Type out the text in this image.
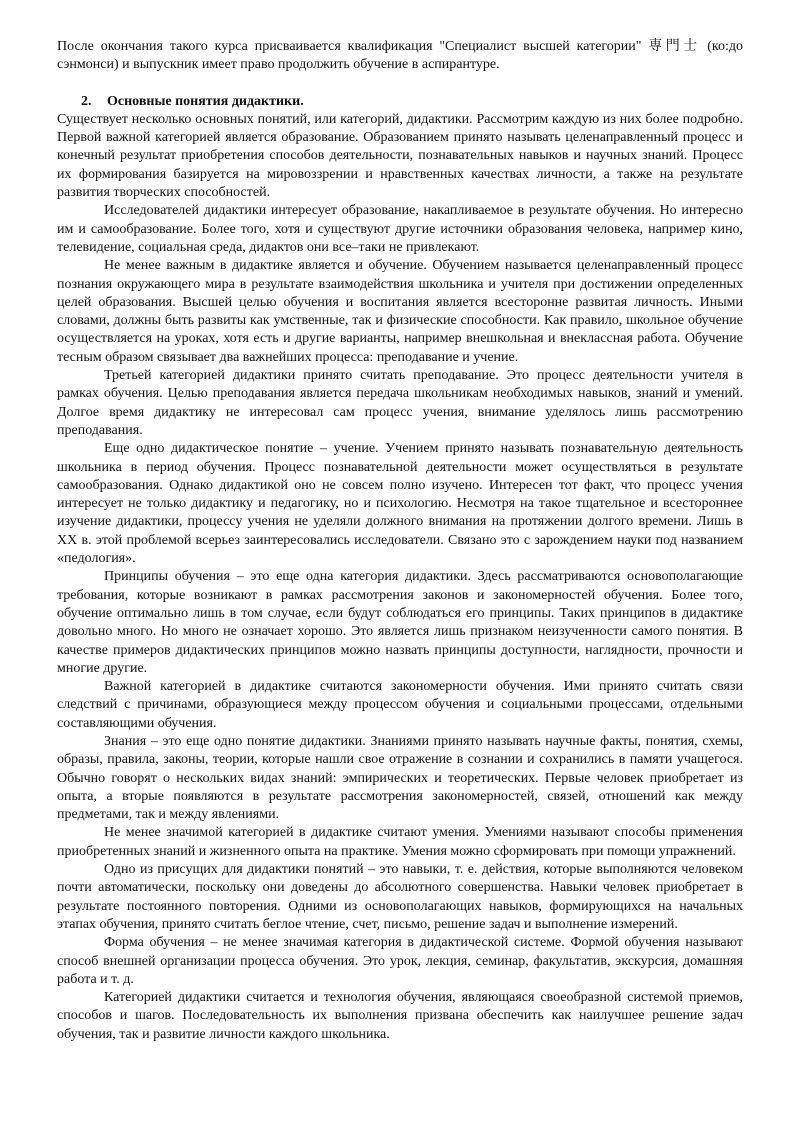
После окончания такого курса присваивается квалификация "Специалист высшей категории" 専門士 (ко:до сэнмонси) и выпускник имеет право продолжить обучение в аспирантуре.

2. Основные понятия дидактики.

Существует несколько основных понятий, или категорий, дидактики. Рассмотрим каждую из них более подробно. Первой важной категорией является образование. Образованием принято называть целенаправленный процесс и конечный результат приобретения способов деятельности, познавательных навыков и научных знаний. Процесс их формирования базируется на мировоззрении и нравственных качествах личности, а также на результате развития творческих способностей.

Исследователей дидактики интересует образование, накапливаемое в результате обучения. Но интересно им и самообразование. Более того, хотя и существуют другие источники образования человека, например кино, телевидение, социальная среда, дидактов они все–таки не привлекают.

Не менее важным в дидактике является и обучение. Обучением называется целенаправленный процесс познания окружающего мира в результате взаимодействия школьника и учителя при достижении определенных целей образования. Высшей целью обучения и воспитания является всесторонне развитая личность. Иными словами, должны быть развиты как умственные, так и физические способности. Как правило, школьное обучение осуществляется на уроках, хотя есть и другие варианты, например внешкольная и внеклассная работа. Обучение тесным образом связывает два важнейших процесса: преподавание и учение.

Третьей категорией дидактики принято считать преподавание. Это процесс деятельности учителя в рамках обучения. Целью преподавания является передача школьникам необходимых навыков, знаний и умений. Долгое время дидактику не интересовал сам процесс учения, внимание уделялось лишь рассмотрению преподавания.

Еще одно дидактическое понятие – учение. Учением принято называть познавательную деятельность школьника в период обучения. Процесс познавательной деятельности может осуществляться в результате самообразования. Однако дидактикой оно не совсем полно изучено. Интересен тот факт, что процесс учения интересует не только дидактику и педагогику, но и психологию. Несмотря на такое тщательное и всестороннее изучение дидактики, процессу учения не уделяли должного внимания на протяжении долгого времени. Лишь в XX в. этой проблемой всерьез заинтересовались исследователи. Связано это с зарождением науки под названием «педология».

Принципы обучения – это еще одна категория дидактики. Здесь рассматриваются основополагающие требования, которые возникают в рамках рассмотрения законов и закономерностей обучения. Более того, обучение оптимально лишь в том случае, если будут соблюдаться его принципы. Таких принципов в дидактике довольно много. Но много не означает хорошо. Это является лишь признаком неизученности самого понятия. В качестве примеров дидактических принципов можно назвать принципы доступности, наглядности, прочности и многие другие.

Важной категорией в дидактике считаются закономерности обучения. Ими принято считать связи следствий с причинами, образующиеся между процессом обучения и социальными процессами, отдельными составляющими обучения.

Знания – это еще одно понятие дидактики. Знаниями принято называть научные факты, понятия, схемы, образы, правила, законы, теории, которые нашли свое отражение в сознании и сохранились в памяти учащегося. Обычно говорят о нескольких видах знаний: эмпирических и теоретических. Первые человек приобретает из опыта, а вторые появляются в результате рассмотрения закономерностей, связей, отношений как между предметами, так и между явлениями.

Не менее значимой категорией в дидактике считают умения. Умениями называют способы применения приобретенных знаний и жизненного опыта на практике. Умения можно сформировать при помощи упражнений.

Одно из присущих для дидактики понятий – это навыки, т. е. действия, которые выполняются человеком почти автоматически, поскольку они доведены до абсолютного совершенства. Навыки человек приобретает в результате постоянного повторения. Одними из основополагающих навыков, формирующихся на начальных этапах обучения, принято считать беглое чтение, счет, письмо, решение задач и выполнение измерений.

Форма обучения – не менее значимая категория в дидактической системе. Формой обучения называют способ внешней организации процесса обучения. Это урок, лекция, семинар, факультатив, экскурсия, домашняя работа и т. д.

Категорией дидактики считается и технология обучения, являющаяся своеобразной системой приемов, способов и шагов. Последовательность их выполнения призвана обеспечить как наилучшее решение задач обучения, так и развитие личности каждого школьника.
